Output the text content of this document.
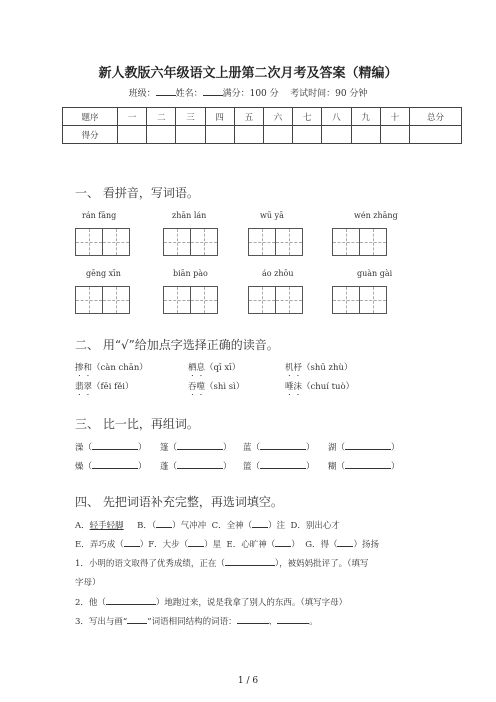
新人教版六年级语文上册第二次月考及答案（精编）
班级： 姓名： 满分：100 分 考试时间：90 分钟
题序	一	二	三	四	五	六	七	八	九	十	总分
得分											
一、 看拼音，写词语。
rán fāng	zhān lán	wū yā	wén zhāng
gēng xīn	biān pào	áo zhōu	guàn gài
二、 用“√”给加点字选择正确的读音。
掺和（càn chān）	栖息（qī xī）	机杼（shū zhù）
翡翠（fēi fěi）	吞噬（shì sì）	唾沫（chuí tuò）
三、 比一比，再组词。
澡（	） 篷（	） 蓝（	） 湖（	）
燥（	） 蓬（	） 篮（	） 糊（	）
四、 先把词语补充完整，再选词填空。
A．轻手轻脚 B．（ ）气冲冲 C．全神（ ）注 D．别出心才
E．弄巧成（ ）F．大步（ ）星 E．心旷神（ ） G．得（ ）扬扬
1．小明的语文取得了优秀成绩，正在（	），被妈妈批评了。（填写
字母）
2．他（	）地跑过来，说是我拿了别人的东西。（填写字母）
3．写出与画“ ”词语相同结构的词语：	、	。
1 / 6
